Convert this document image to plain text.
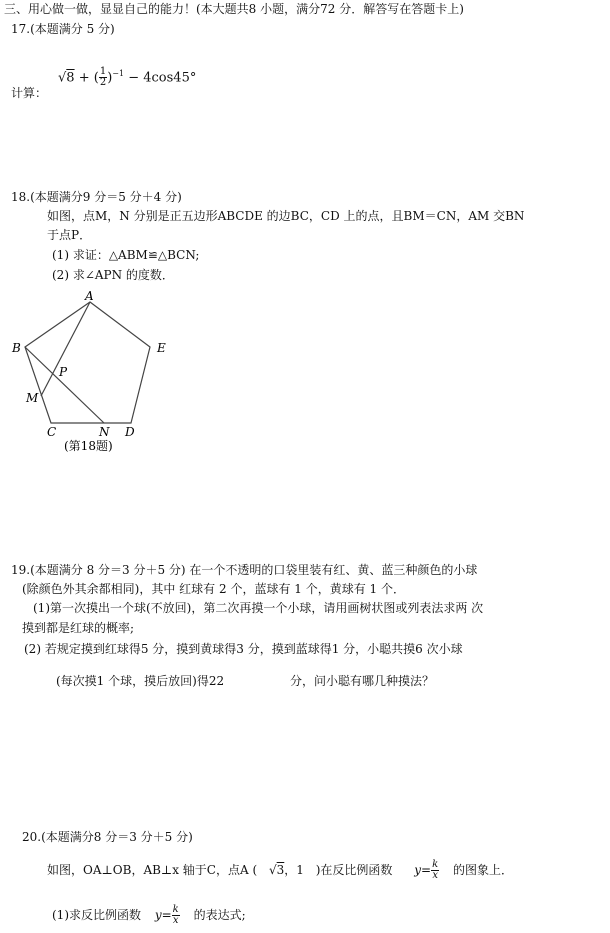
三、用心做一做，显显自己的能力！(本大题共8 小题，满分72 分．解答写在答题卡上)
17.(本题满分 5 分)
√8 + ( $\frac{1}{2} )^{-1} - 4\cos 45^\circ$
计算：
18.(本题满分9 分＝5 分＋4 分)
如图，点M，N 分别是正五边形ABCDE 的边BC，CD 上的点，且BM＝CN，AM 交BN
于点P．
(1) 求证：△ABM≌△BCN;
(2) 求∠APN 的度数．
A
B	E
P
M
C	N D
(第18题)
19.(本题满分 8 分＝3 分＋5 分) 在一个不透明的口袋里装有红、黄、蓝三种颜色的小球
(除颜色外其余都相同)，其中 红球有 2 个，蓝球有 1 个，黄球有 1 个．
(1)第一次摸出一个球(不放回)，第二次再摸一个小球，请用画树状图或列表法求两 次
摸到都是红球的概率;
(2) 若规定摸到红球得5 分，摸到黄球得3 分，摸到蓝球得1 分，小聪共摸6 次小球
(每次摸1 个球，摸后放回)得22	分，问小聪有哪几种摸法？
20.(本题满分8 分＝3 分＋5 分)
如图，OA⊥OB，AB⊥x 轴于C，点A ( √3，1 )在反比例函数 $y= \frac{k}{x}$ 的图象上．
(1)求反比例函数 $y= \frac{k}{x}$ 的表达式;
